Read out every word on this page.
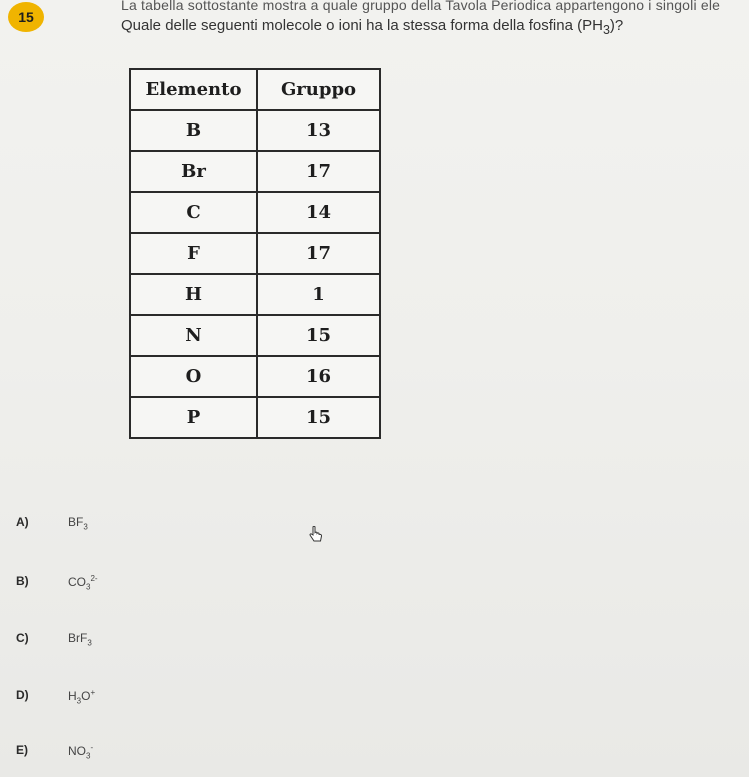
15
La tabella sottostante mostra a quale gruppo della Tavola Periodica appartengono i singoli ele
Quale delle seguenti molecole o ioni ha la stessa forma della fosfina $(PH_3)$?
Elemento	Gruppo
B	13
Br	17
C	14
F	17
H	1
N	15
O	16
P	15
A)	$BF_3$
B)	$CO_3^{2-}$
C)	BrF$_3$
D)	$H_3O^+$
E)	$NO_3^-$
